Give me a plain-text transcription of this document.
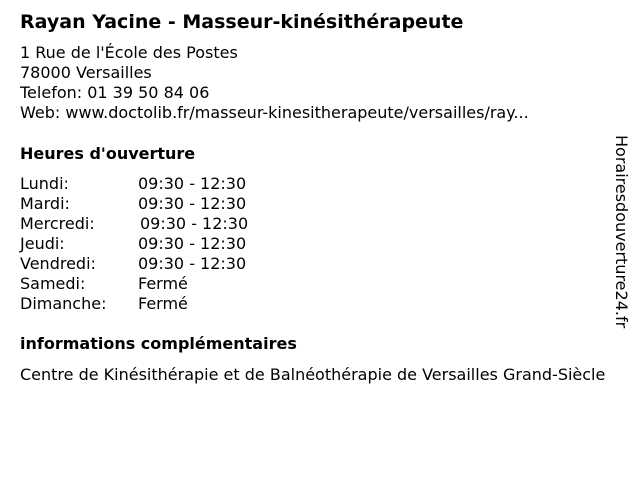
Rayan Yacine - Masseur-kinésithérapeute
1 Rue de l'École des Postes
78000 Versailles
Telefon: 01 39 50 84 06
Web: www.doctolib.fr/masseur-kinesitherapeute/versailles/ray...
Heures d'ouverture
Lundi:	09:30 - 12:30
Mardi:	09:30 - 12:30
Mercredi:	09:30 - 12:30
Jeudi:	09:30 - 12:30
Vendredi:	09:30 - 12:30
Samedi:	Fermé
Dimanche: Fermé
informations complémentaires
Centre de Kinésithérapie et de Balnéothérapie de Versailles Grand-Siècle
Horairesdouverture24.fr
